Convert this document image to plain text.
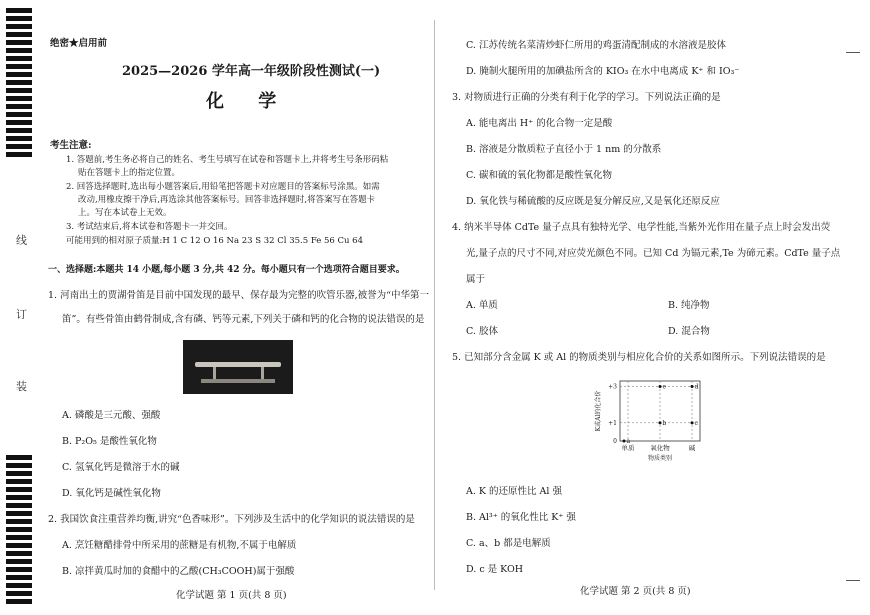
线
订
装
绝密★启用前
2025—2026 学年高一年级阶段性测试(一)
化 学
考生注意:
1. 答题前,考生务必将自己的姓名、考生号填写在试卷和答题卡上,并将考生号条形码粘
贴在答题卡上的指定位置。
2. 回答选择题时,选出每小题答案后,用铅笔把答题卡对应题目的答案标号涂黑。如需
改动,用橡皮擦干净后,再选涂其他答案标号。回答非选择题时,将答案写在答题卡
上。写在本试卷上无效。
3. 考试结束后,将本试卷和答题卡一并交回。
可能用到的相对原子质量:H 1 C 12 O 16 Na 23 S 32 Cl 35.5 Fe 56 Cu 64
一、选择题:本题共 14 小题,每小题 3 分,共 42 分。每小题只有一个选项符合题目要求。
1. 河南出土的贾湖骨笛是目前中国发现的最早、保存最为完整的吹管乐器,被誉为“中华第一
笛”。有些骨笛由鹤骨制成,含有磷、钙等元素,下列关于磷和钙的化合物的说法错误的是
A. 磷酸是三元酸、强酸
B. P₂O₅ 是酸性氧化物
C. 氢氧化钙是微溶于水的碱
D. 氧化钙是碱性氧化物
2. 我国饮食注重营养均衡,讲究“色香味形”。下列涉及生活中的化学知识的说法错误的是
A. 烹饪糖醋排骨中所采用的蔗糖是有机物,不属于电解质
B. 凉拌黄瓜时加的食醋中的乙酸(CH₃COOH)属于强酸
化学试题 第 1 页(共 8 页)
C. 江苏传统名菜清炒虾仁所用的鸡蛋清配制成的水溶液是胶体
D. 腌制火腿所用的加碘盐所含的 KIO₃ 在水中电离成 K⁺ 和 IO₃⁻
3. 对物质进行正确的分类有利于化学的学习。下列说法正确的是
A. 能电离出 H⁺ 的化合物一定是酸
B. 溶液是分散质粒子直径小于 1 nm 的分散系
C. 碳和硫的氧化物都是酸性氧化物
D. 氧化铁与稀硫酸的反应既是复分解反应,又是氧化还原反应
4. 纳米半导体 CdTe 量子点具有独特光学、电学性能,当紫外光作用在量子点上时会发出荧
光,量子点的尺寸不同,对应荧光颜色不同。已知 Cd 为镉元素,Te 为碲元素。CdTe 量子点
属于
A. 单质	B. 纯净物
C. 胶体	D. 混合物
5. 已知部分含金属 K 或 Al 的物质类别与相应化合价的关系如图所示。下列说法错误的是
A. K 的还原性比 Al 强
B. Al³⁺ 的氧化性比 K⁺ 强
C. a、b 都是电解质
D. c 是 KOH
化学试题 第 2 页(共 8 页)
+3
+1
0
单质 氧化物	碱
物质类别
K或Al的化合价
a
b	c
d
e
